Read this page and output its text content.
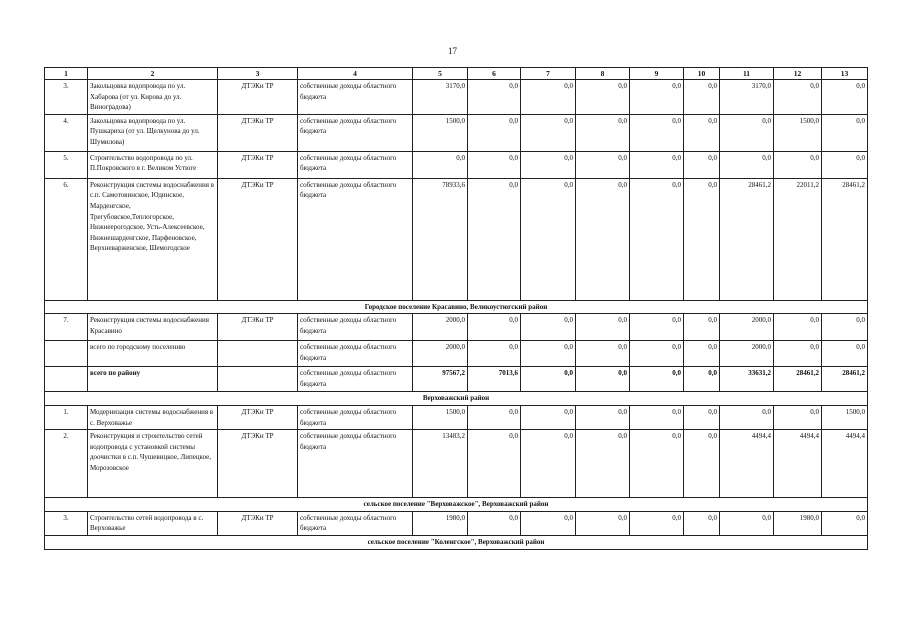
17
1	2	3	4	5	6	7	8	9	10	11	12	13
3.	Закольцовка водопровода по ул. Хабарова (от ул. Кирова до ул. Виноградова)	ДТЭКи ТР	собственные доходы областного бюджета	3170,0	0,0	0,0	0,0	0,0	0,0	3170,0	0,0	0,0
4.	Закольцовка водопровода по ул. Пушкариха (от ул. Щелкунова до ул. Шумилова)	ДТЭКи ТР	собственные доходы областного бюджета	1500,0	0,0	0,0	0,0	0,0	0,0	0,0	1500,0	0,0
5.	Строительство водопровода по ул. П.Покровского в г. Великом Устюге	ДТЭКи ТР	собственные доходы областного бюджета	0,0	0,0	0,0	0,0	0,0	0,0	0,0	0,0	0,0
6.	Реконструкция системы водоснабжения в с.п. Самотовинское, Юдинское, Марденгское, Трегубовское,Теплогорское, Нижнеерогодское, Усть-Алексеевское, Нижнешарденгское, Парфеновское, Верхневарженское, Шемогодское	ДТЭКи ТР	собственные доходы областного бюджета	78933,6	0,0	0,0	0,0	0,0	0,0	28461,2	22011,2	28461,2
Городское поселение Красавино, Великоустюгский район												
7.	Реконструкция системы водоснабжения Красавино	ДТЭКи ТР	собственные доходы областного бюджета	2000,0	0,0	0,0	0,0	0,0	0,0	2000,0	0,0	0,0
	всего по городскому поселению		собственные доходы областного бюджета	2000,0	0,0	0,0	0,0	0,0	0,0	2000,0	0,0	0,0
	всего по району		собственные доходы областного бюджета	97567,2	7013,6	0,0	0,0	0,0	0,0	33631,2	28461,2	28461,2
Верховажский район												
1.	Модернизация системы водоснабжения в с. Верховажье	ДТЭКи ТР	собственные доходы областного бюджета	1500,0	0,0	0,0	0,0	0,0	0,0	0,0	0,0	1500,0
2.	Реконструкция и строительство сетей водопровода с установкой системы доочистки в с.п. Чушевицкое, Липецкое, Морозовское	ДТЭКи ТР	собственные доходы областного бюджета	13483,2	0,0	0,0	0,0	0,0	0,0	4494,4	4494,4	4494,4
сельское поселение "Верховажское", Верховажский район												
3.	Строительство сетей водопровода в с. Верховажье	ДТЭКи ТР	собственные доходы областного бюджета	1980,0	0,0	0,0	0,0	0,0	0,0	0,0	1980,0	0,0
сельское поселение "Коленгское", Верховажский район												
